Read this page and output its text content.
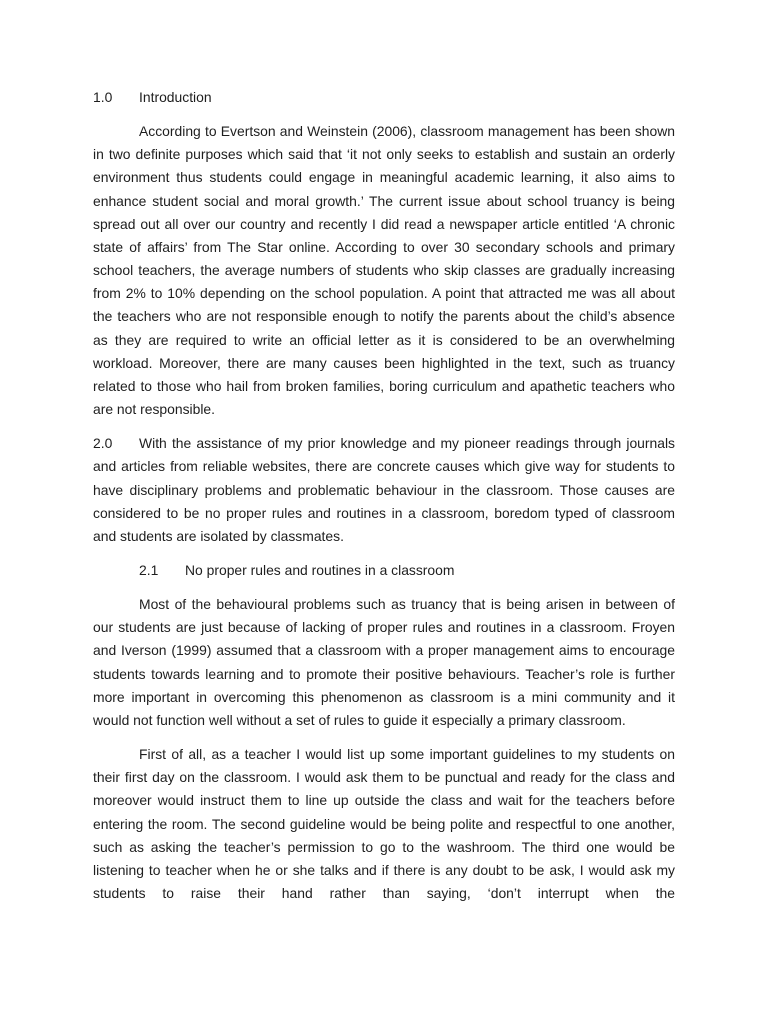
1.0	Introduction

According to Evertson and Weinstein (2006), classroom management has been shown in two definite purposes which said that ‘it not only seeks to establish and sustain an orderly environment thus students could engage in meaningful academic learning, it also aims to enhance student social and moral growth.’ The current issue about school truancy is being spread out all over our country and recently I did read a newspaper article entitled ‘A chronic state of affairs’ from The Star online. According to over 30 secondary schools and primary school teachers, the average numbers of students who skip classes are gradually increasing from 2% to 10% depending on the school population. A point that attracted me was all about the teachers who are not responsible enough to notify the parents about the child’s absence as they are required to write an official letter as it is considered to be an overwhelming workload. Moreover, there are many causes been highlighted in the text, such as truancy related to those who hail from broken families, boring curriculum and apathetic teachers who are not responsible.

2.0 With the assistance of my prior knowledge and my pioneer readings through journals and articles from reliable websites, there are concrete causes which give way for students to have disciplinary problems and problematic behaviour in the classroom. Those causes are considered to be no proper rules and routines in a classroom, boredom typed of classroom and students are isolated by classmates.
2.1	No proper rules and routines in a classroom

Most of the behavioural problems such as truancy that is being arisen in between of our students are just because of lacking of proper rules and routines in a classroom. Froyen and Iverson (1999) assumed that a classroom with a proper management aims to encourage students towards learning and to promote their positive behaviours. Teacher’s role is further more important in overcoming this phenomenon as classroom is a mini community and it would not function well without a set of rules to guide it especially a primary classroom.

First of all, as a teacher I would list up some important guidelines to my students on their first day on the classroom. I would ask them to be punctual and ready for the class and moreover would instruct them to line up outside the class and wait for the teachers before entering the room. The second guideline would be being polite and respectful to one another, such as asking the teacher’s permission to go to the washroom. The third one would be listening to teacher when he or she talks and if there is any doubt to be ask, I would ask my students to raise their hand rather than saying, ‘don’t interrupt when the
